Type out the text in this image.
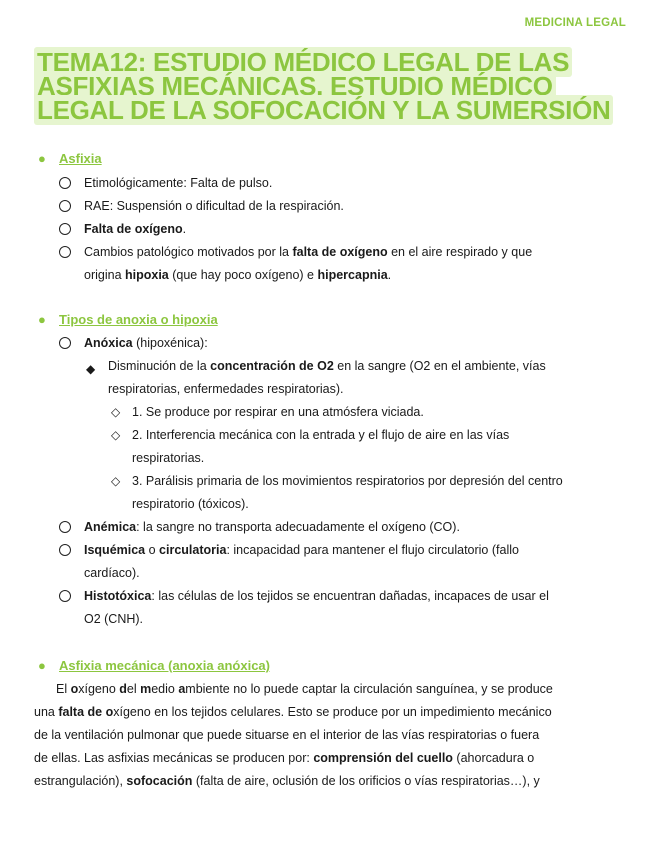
MEDICINA LEGAL
TEMA12: ESTUDIO MÉDICO LEGAL DE LAS ASFIXIAS MECÁNICAS. ESTUDIO MÉDICO LEGAL DE LA SOFOCACIÓN Y LA SUMERSIÓN
● Asfixia
Etimológicamente: Falta de pulso.
RAE: Suspensión o dificultad de la respiración.
Falta de oxígeno.
Cambios patológico motivados por la falta de oxígeno en el aire respirado y que
origina hipoxia (que hay poco oxígeno) e hipercapnia.
● Tipos de anoxia o hipoxia
Anóxica (hipoxénica):
◆ Disminución de la concentración de O2 en la sangre (O2 en el ambiente, vías
respiratorias, enfermedades respiratorias).
◇ 1. Se produce por respirar en una atmósfera viciada.
◇ 2. Interferencia mecánica con la entrada y el flujo de aire en las vías
respiratorias.
◇ 3. Parálisis primaria de los movimientos respiratorios por depresión del centro
respiratorio (tóxicos).
Anémica: la sangre no transporta adecuadamente el oxígeno (CO).
Isquémica o circulatoria: incapacidad para mantener el flujo circulatorio (fallo
cardíaco).
Histotóxica: las células de los tejidos se encuentran dañadas, incapaces de usar el
O2 (CNH).
● Asfixia mecánica (anoxia anóxica)
El oxígeno del medio ambiente no lo puede captar la circulación sanguínea, y se produce
una falta de oxígeno en los tejidos celulares. Esto se produce por un impedimiento mecánico
de la ventilación pulmonar que puede situarse en el interior de las vías respiratorias o fuera
de ellas. Las asfixias mecánicas se producen por: comprensión del cuello (ahorcadura o
estrangulación), sofocación (falta de aire, oclusión de los orificios o vías respiratorias…), y
